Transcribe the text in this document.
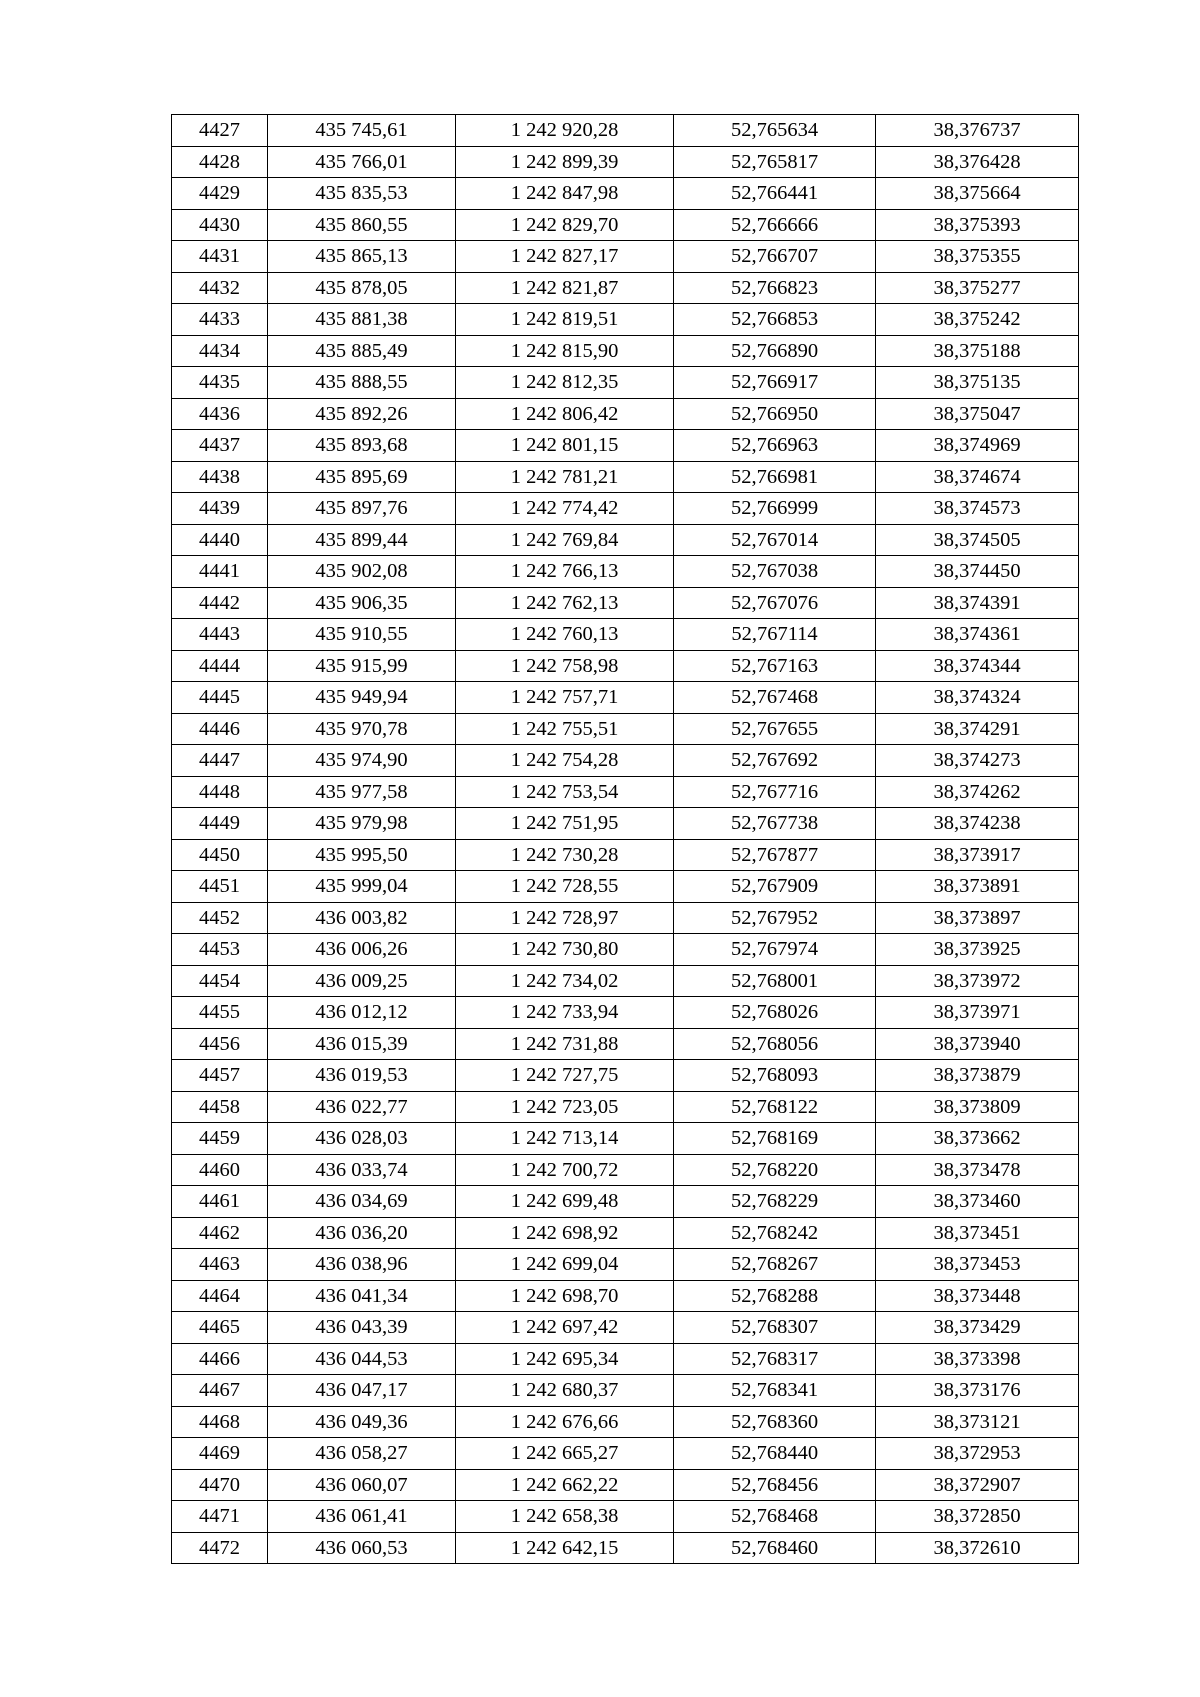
4427	435 745,61	1 242 920,28	52,765634	38,376737
4428	435 766,01	1 242 899,39	52,765817	38,376428
4429	435 835,53	1 242 847,98	52,766441	38,375664
4430	435 860,55	1 242 829,70	52,766666	38,375393
4431	435 865,13	1 242 827,17	52,766707	38,375355
4432	435 878,05	1 242 821,87	52,766823	38,375277
4433	435 881,38	1 242 819,51	52,766853	38,375242
4434	435 885,49	1 242 815,90	52,766890	38,375188
4435	435 888,55	1 242 812,35	52,766917	38,375135
4436	435 892,26	1 242 806,42	52,766950	38,375047
4437	435 893,68	1 242 801,15	52,766963	38,374969
4438	435 895,69	1 242 781,21	52,766981	38,374674
4439	435 897,76	1 242 774,42	52,766999	38,374573
4440	435 899,44	1 242 769,84	52,767014	38,374505
4441	435 902,08	1 242 766,13	52,767038	38,374450
4442	435 906,35	1 242 762,13	52,767076	38,374391
4443	435 910,55	1 242 760,13	52,767114	38,374361
4444	435 915,99	1 242 758,98	52,767163	38,374344
4445	435 949,94	1 242 757,71	52,767468	38,374324
4446	435 970,78	1 242 755,51	52,767655	38,374291
4447	435 974,90	1 242 754,28	52,767692	38,374273
4448	435 977,58	1 242 753,54	52,767716	38,374262
4449	435 979,98	1 242 751,95	52,767738	38,374238
4450	435 995,50	1 242 730,28	52,767877	38,373917
4451	435 999,04	1 242 728,55	52,767909	38,373891
4452	436 003,82	1 242 728,97	52,767952	38,373897
4453	436 006,26	1 242 730,80	52,767974	38,373925
4454	436 009,25	1 242 734,02	52,768001	38,373972
4455	436 012,12	1 242 733,94	52,768026	38,373971
4456	436 015,39	1 242 731,88	52,768056	38,373940
4457	436 019,53	1 242 727,75	52,768093	38,373879
4458	436 022,77	1 242 723,05	52,768122	38,373809
4459	436 028,03	1 242 713,14	52,768169	38,373662
4460	436 033,74	1 242 700,72	52,768220	38,373478
4461	436 034,69	1 242 699,48	52,768229	38,373460
4462	436 036,20	1 242 698,92	52,768242	38,373451
4463	436 038,96	1 242 699,04	52,768267	38,373453
4464	436 041,34	1 242 698,70	52,768288	38,373448
4465	436 043,39	1 242 697,42	52,768307	38,373429
4466	436 044,53	1 242 695,34	52,768317	38,373398
4467	436 047,17	1 242 680,37	52,768341	38,373176
4468	436 049,36	1 242 676,66	52,768360	38,373121
4469	436 058,27	1 242 665,27	52,768440	38,372953
4470	436 060,07	1 242 662,22	52,768456	38,372907
4471	436 061,41	1 242 658,38	52,768468	38,372850
4472	436 060,53	1 242 642,15	52,768460	38,372610
